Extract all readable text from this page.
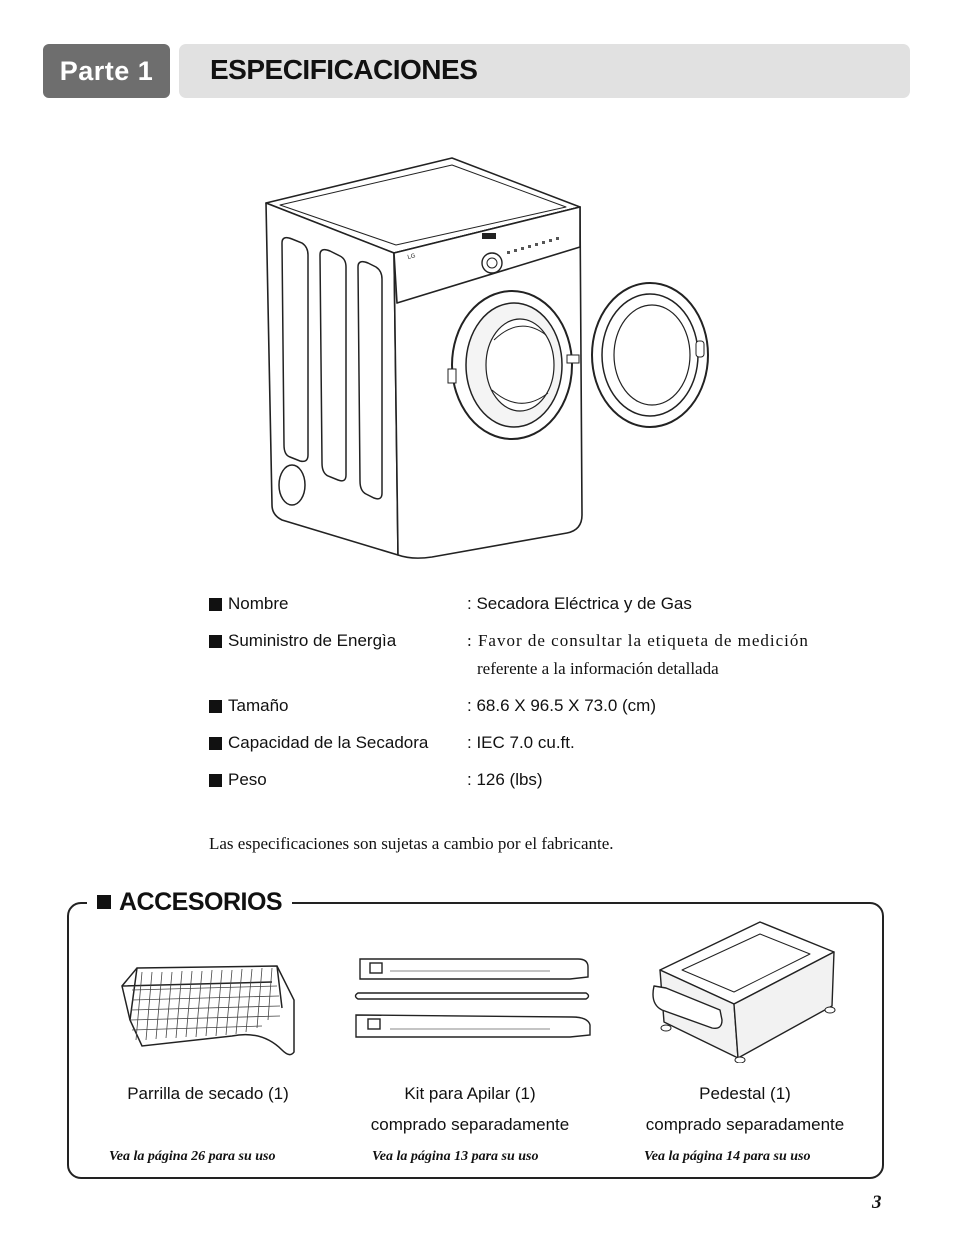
Parte 1	ESPECIFICACIONES
LG
Nombre	: Secadora Eléctrica y de Gas
Suministro de Energìa	: Favor de consultar la etiqueta de medición
referente a la información detallada
Tamaño	: 68.6 X 96.5 X 73.0 (cm)
Capacidad de la Secadora : IEC 7.0 cu.ft.
Peso	: 126 (lbs)
Las especificaciones son sujetas a cambio por el fabricante.
ACCESORIOS
Parrilla de secado (1)	Kit para Apilar (1)
comprado separadamente
Pedestal (1)
comprado separadamente
Vea la página 26 para su uso	Vea la página 13 para su uso	Vea la página 14 para su uso
3
